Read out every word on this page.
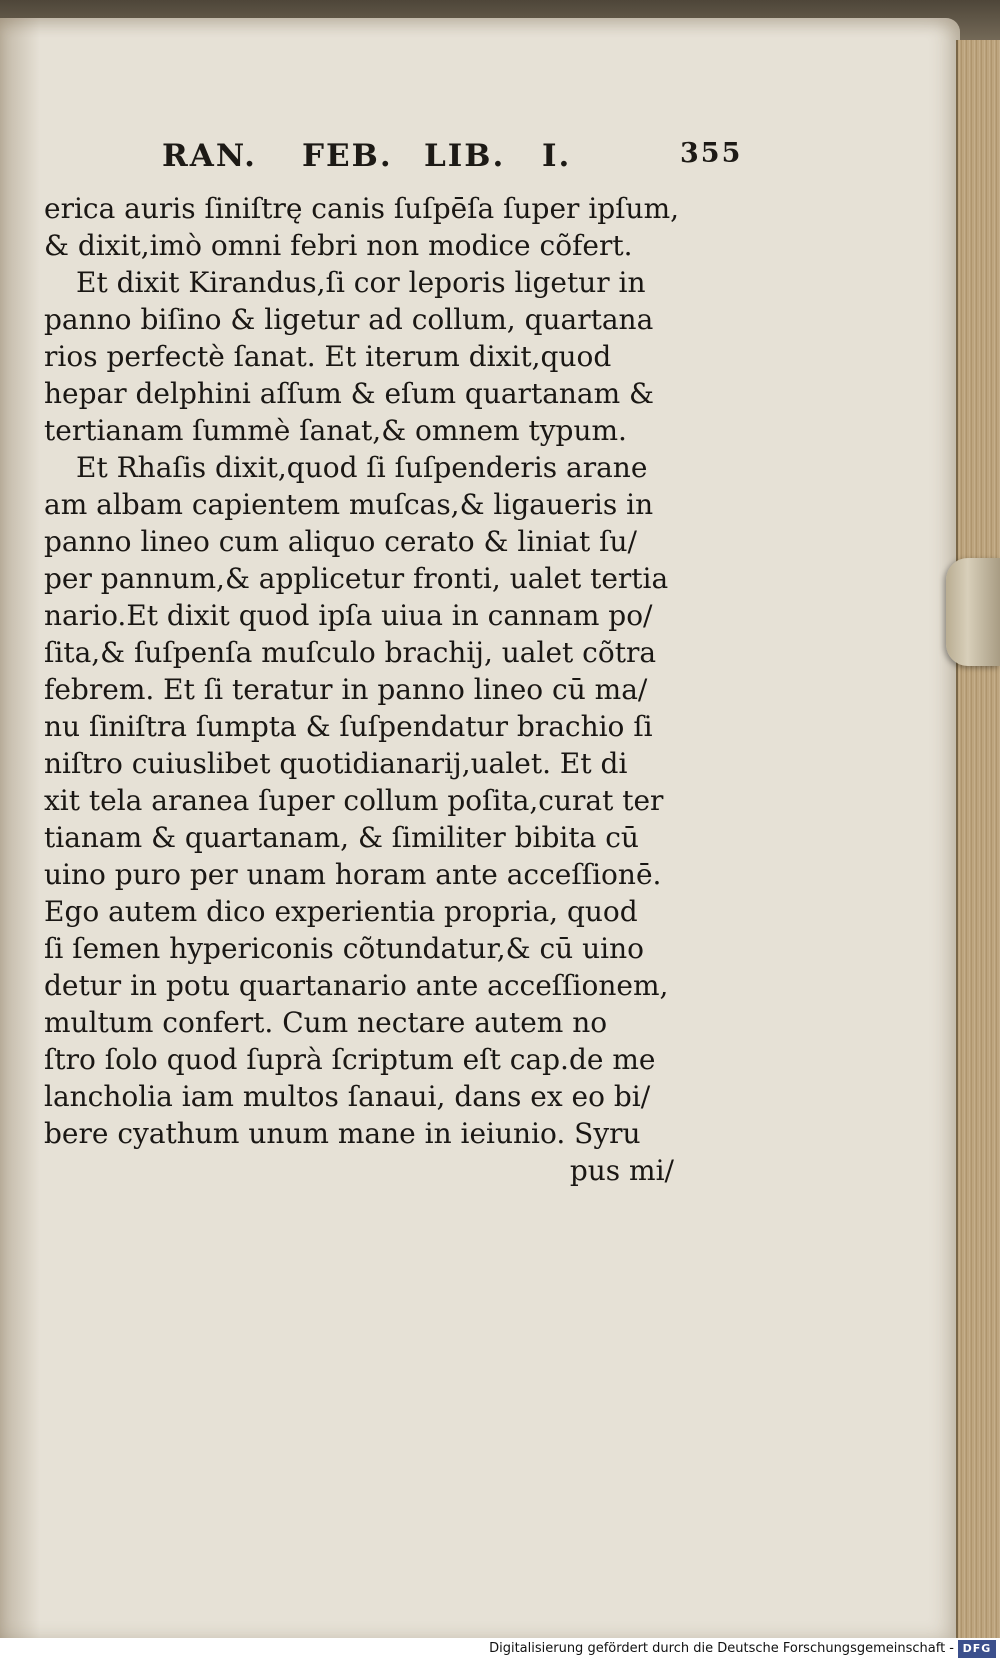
RAN. FEB. LIB. I.	355
erica auris ſiniſtrę canis ſuſpēſa ſuper ipſum,
& dixit,imò omni febri non modice cõfert.
Et dixit Kirandus,ſi cor leporis ligetur in
panno biſino & ligetur ad collum, quartana
rios perfectè ſanat. Et iterum dixit,quod
hepar delphini aſſum & eſum quartanam &
tertianam ſummè ſanat,& omnem typum.
Et Rhaſis dixit,quod ſi ſuſpenderis arane
am albam capientem muſcas,& ligaueris in
panno lineo cum aliquo cerato & liniat ſu/
per pannum,& applicetur fronti, ualet tertia
nario.Et dixit quod ipſa uiua in cannam po/
ſita,& ſuſpenſa muſculo brachij, ualet cõtra
febrem. Et ſi teratur in panno lineo cū ma/
nu ſiniſtra ſumpta & ſuſpendatur brachio ſi
niſtro cuiuslibet quotidianarij,ualet. Et di
xit tela aranea ſuper collum poſita,curat ter
tianam & quartanam, & ſimiliter bibita cū
uino puro per unam horam ante acceſſionē.
Ego autem dico experientia propria, quod
ſi ſemen hypericonis cõtundatur,& cū uino
detur in potu quartanario ante acceſſionem,
multum confert. Cum nectare autem no
ſtro ſolo quod ſuprà ſcriptum eſt cap.de me
lancholia iam multos ſanaui, dans ex eo bi/
bere cyathum unum mane in ieiunio. Syru
pus mi/
Digitalisierung gefördert durch die Deutsche Forschungsgemeinschaft - DFG
